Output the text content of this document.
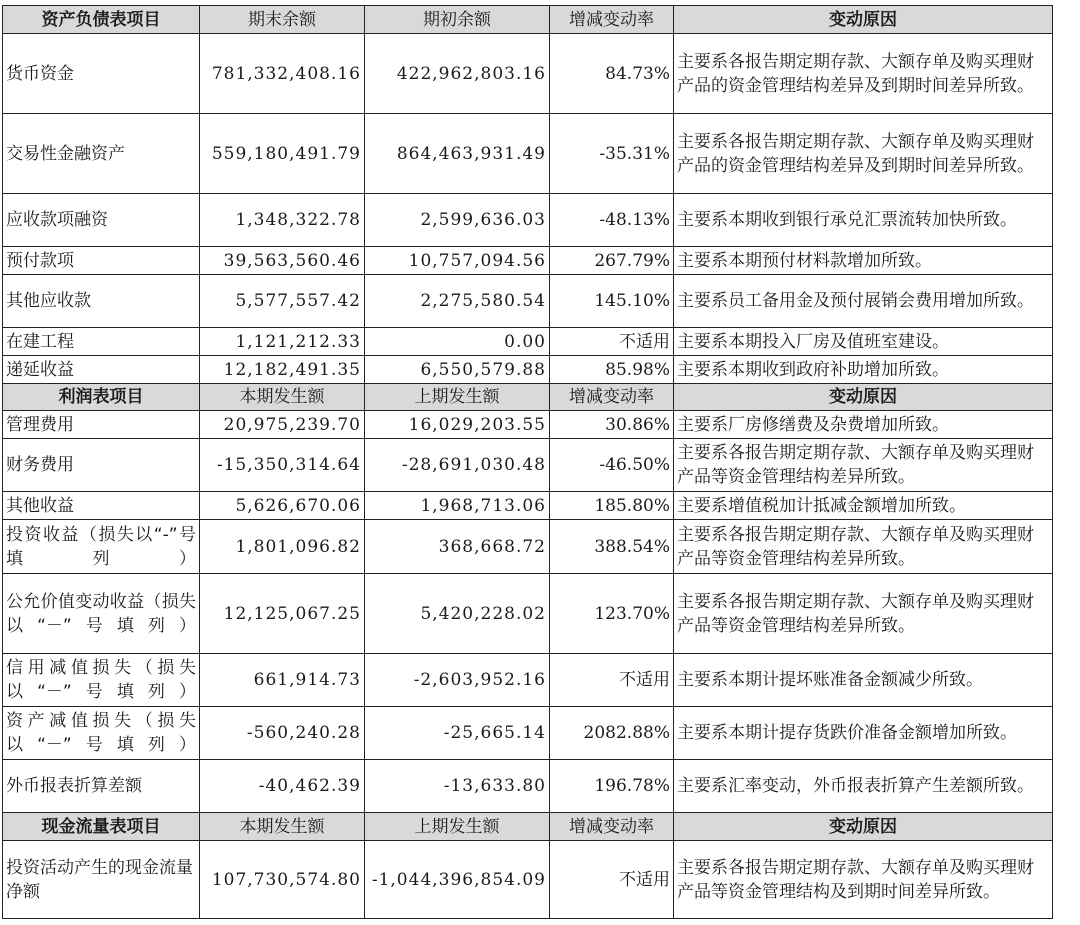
资产负债表项目	期末余额	期初余额	增减变动率	变动原因
货币资金	781,332,408.16	422,962,803.16	84.73%	主要系各报告期定期存款、大额存单及购买理财产品的资金管理结构差异及到期时间差异所致。
交易性金融资产	559,180,491.79	864,463,931.49	-35.31%	主要系各报告期定期存款、大额存单及购买理财产品的资金管理结构差异及到期时间差异所致。
应收款项融资	1,348,322.78	2,599,636.03	-48.13%	主要系本期收到银行承兑汇票流转加快所致。
预付款项	39,563,560.46	10,757,094.56	267.79%	主要系本期预付材料款增加所致。
其他应收款	5,577,557.42	2,275,580.54	145.10%	主要系员工备用金及预付展销会费用增加所致。
在建工程	1,121,212.33	0.00	不适用	主要系本期投入厂房及值班室建设。
递延收益	12,182,491.35	6,550,579.88	85.98%	主要系本期收到政府补助增加所致。
利润表项目	本期发生额	上期发生额	增减变动率	变动原因
管理费用	20,975,239.70	16,029,203.55	30.86%	主要系厂房修缮费及杂费增加所致。
财务费用	-15,350,314.64	-28,691,030.48	-46.50%	主要系各报告期定期存款、大额存单及购买理财产品等资金管理结构差异所致。
其他收益	5,626,670.06	1,968,713.06	185.80%	主要系增值税加计抵减金额增加所致。
投资收益（损失以“-”号填列）	1,801,096.82	368,668.72	388.54%	主要系各报告期定期存款、大额存单及购买理财产品等资金管理结构差异所致。
公允价值变动收益（损失以“－”号填列）	12,125,067.25	5,420,228.02	123.70%	主要系各报告期定期存款、大额存单及购买理财产品等资金管理结构差异所致。
信用减值损失（损失以“－”号填列）	661,914.73	-2,603,952.16	不适用	主要系本期计提坏账准备金额减少所致。
资产减值损失（损失以“－”号填列）	-560,240.28	-25,665.14	2082.88%	主要系本期计提存货跌价准备金额增加所致。
外币报表折算差额	-40,462.39	-13,633.80	196.78%	主要系汇率变动，外币报表折算产生差额所致。
现金流量表项目	本期发生额	上期发生额	增减变动率	变动原因
投资活动产生的现金流量净额	107,730,574.80	-1,044,396,854.09	不适用	主要系各报告期定期存款、大额存单及购买理财产品等资金管理结构及到期时间差异所致。
